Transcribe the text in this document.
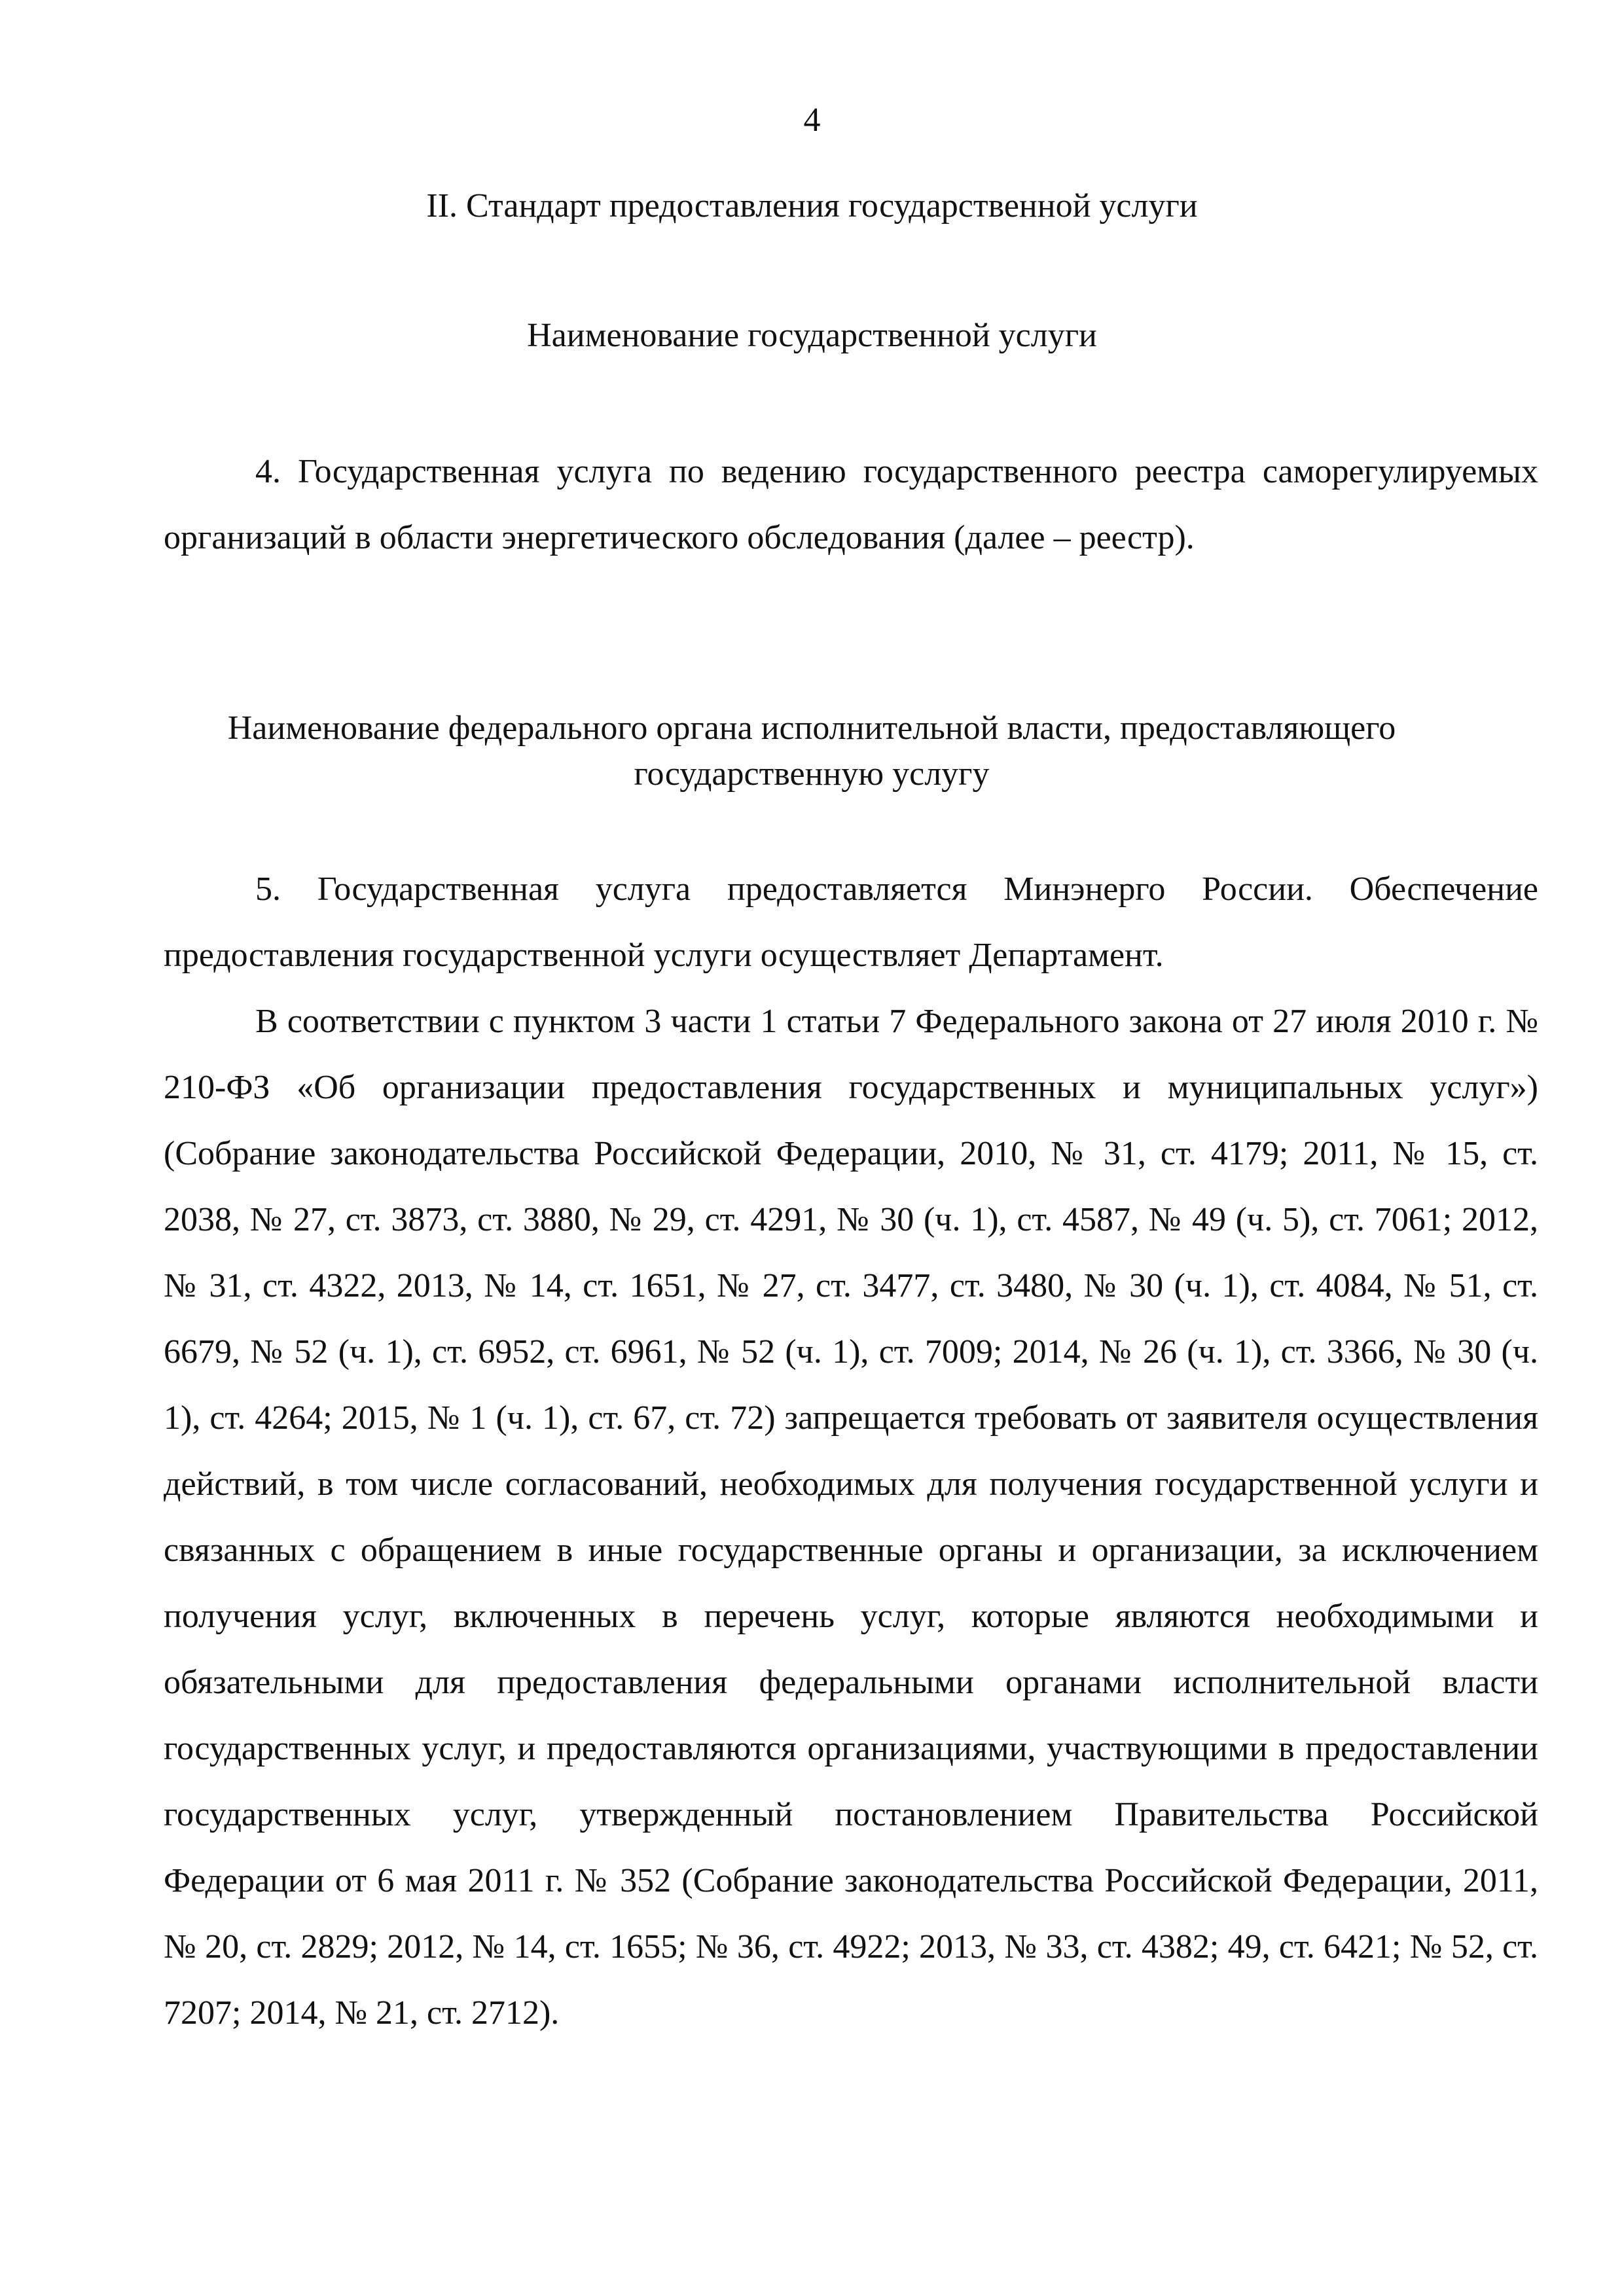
4
II. Стандарт предоставления государственной услуги
Наименование государственной услуги

4. Государственная услуга по ведению государственного реестра саморегулируемых организаций в области энергетического обследования (далее – реестр).

Наименование федерального органа исполнительной власти, предоставляющего государственную услугу

5. Государственная услуга предоставляется Минэнерго России. Обеспечение предоставления государственной услуги осуществляет Департамент.

В соответствии с пунктом 3 части 1 статьи 7 Федерального закона от 27 июля 2010 г. № 210-ФЗ «Об организации предоставления государственных и муниципальных услуг») (Собрание законодательства Российской Федерации, 2010, № 31, ст. 4179; 2011, № 15, ст. 2038, № 27, ст. 3873, ст. 3880, № 29, ст. 4291, № 30 (ч. 1), ст. 4587, № 49 (ч. 5), ст. 7061; 2012, № 31, ст. 4322, 2013, № 14, ст. 1651, № 27, ст. 3477, ст. 3480, № 30 (ч. 1), ст. 4084, № 51, ст. 6679, № 52 (ч. 1), ст. 6952, ст. 6961, № 52 (ч. 1), ст. 7009; 2014, № 26 (ч. 1), ст. 3366, № 30 (ч. 1), ст. 4264; 2015, № 1 (ч. 1), ст. 67, ст. 72) запрещается требовать от заявителя осуществления действий, в том числе согласований, необходимых для получения государственной услуги и связанных с обращением в иные государственные органы и организации, за исключением получения услуг, включенных в перечень услуг, которые являются необходимыми и обязательными для предоставления федеральными органами исполнительной власти государственных услуг, и предоставляются организациями, участвующими в предоставлении государственных услуг, утвержденный постановлением Правительства Российской Федерации от 6 мая 2011 г. № 352 (Собрание законодательства Российской Федерации, 2011, № 20, ст. 2829; 2012, № 14, ст. 1655; № 36, ст. 4922; 2013, № 33, ст. 4382; 49, ст. 6421; № 52, ст. 7207; 2014, № 21, ст. 2712).
